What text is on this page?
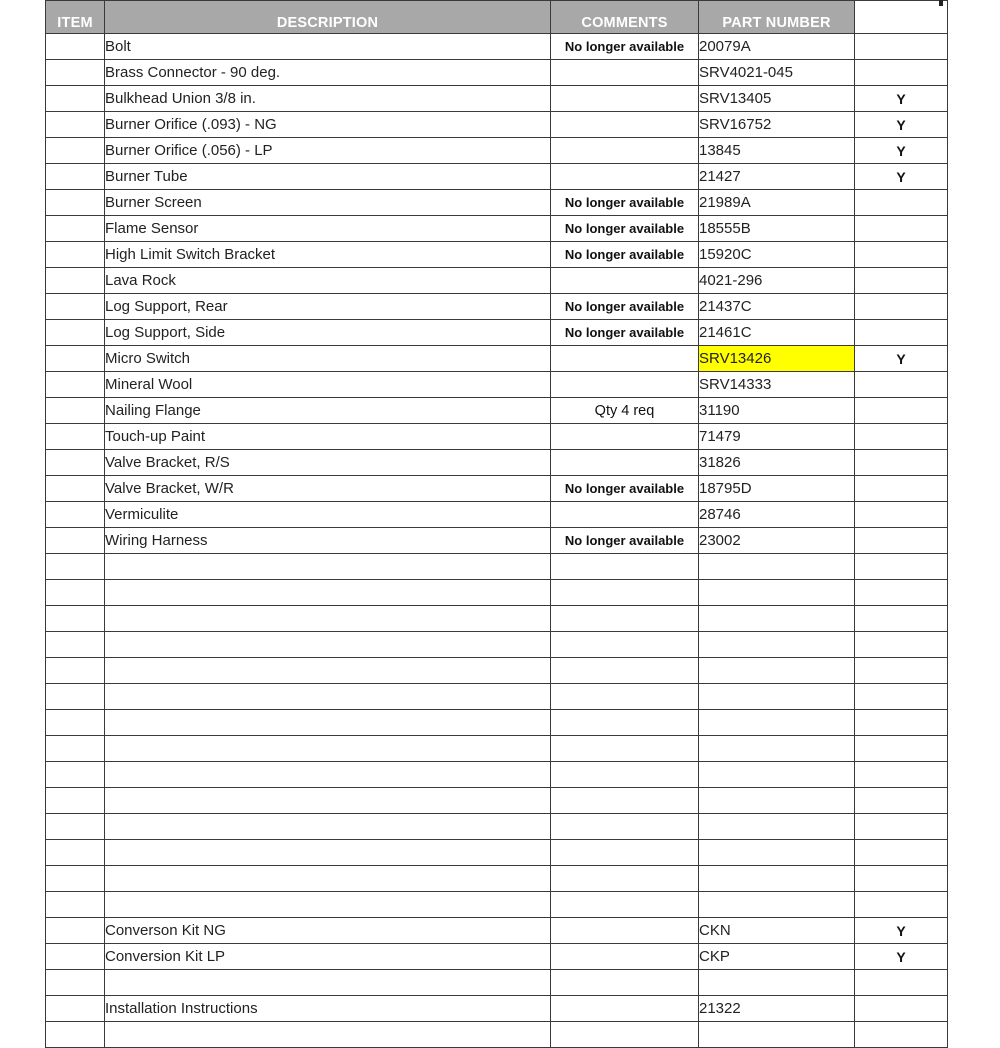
ITEM	DESCRIPTION	COMMENTS	PART NUMBER	
	Bolt	No longer available	20079A	
	Brass Connector - 90 deg.		SRV4021-045	
	Bulkhead Union 3/8 in.		SRV13405	Y
	Burner Orifice (.093) - NG		SRV16752	Y
	Burner Orifice (.056) - LP		13845	Y
	Burner Tube		21427	Y
	Burner Screen	No longer available	21989A	
	Flame Sensor	No longer available	18555B	
	High Limit Switch Bracket	No longer available	15920C	
	Lava Rock		4021-296	
	Log Support, Rear	No longer available	21437C	
	Log Support, Side	No longer available	21461C	
	Micro Switch		SRV13426	Y
	Mineral Wool		SRV14333	
	Nailing Flange	Qty 4 req	31190	
	Touch-up Paint		71479	
	Valve Bracket, R/S		31826	
	Valve Bracket, W/R	No longer available	18795D	
	Vermiculite		28746	
	Wiring Harness	No longer available	23002	

	Converson Kit NG		CKN	Y
	Conversion Kit LP		CKP	Y

	Installation Instructions		21322	
